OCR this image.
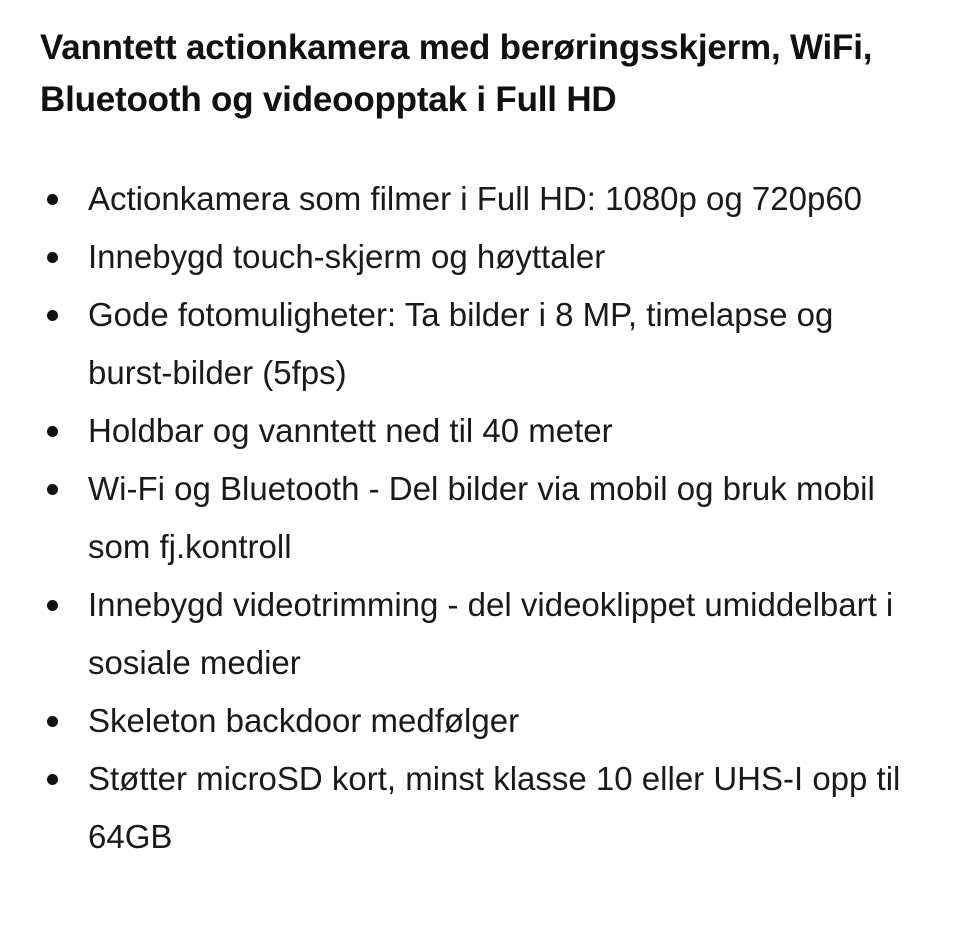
Vanntett actionkamera med berøringsskjerm, WiFi, Bluetooth og videoopptak i Full HD
Actionkamera som filmer i Full HD: 1080p og 720p60
Innebygd touch-skjerm og høyttaler
Gode fotomuligheter: Ta bilder i 8 MP, timelapse og burst-bilder (5fps)
Holdbar og vanntett ned til 40 meter
Wi-Fi og Bluetooth - Del bilder via mobil og bruk mobil som fj.kontroll
Innebygd videotrimming - del videoklippet umiddelbart i sosiale medier
Skeleton backdoor medfølger
Støtter microSD kort, minst klasse 10 eller UHS-I opp til 64GB
